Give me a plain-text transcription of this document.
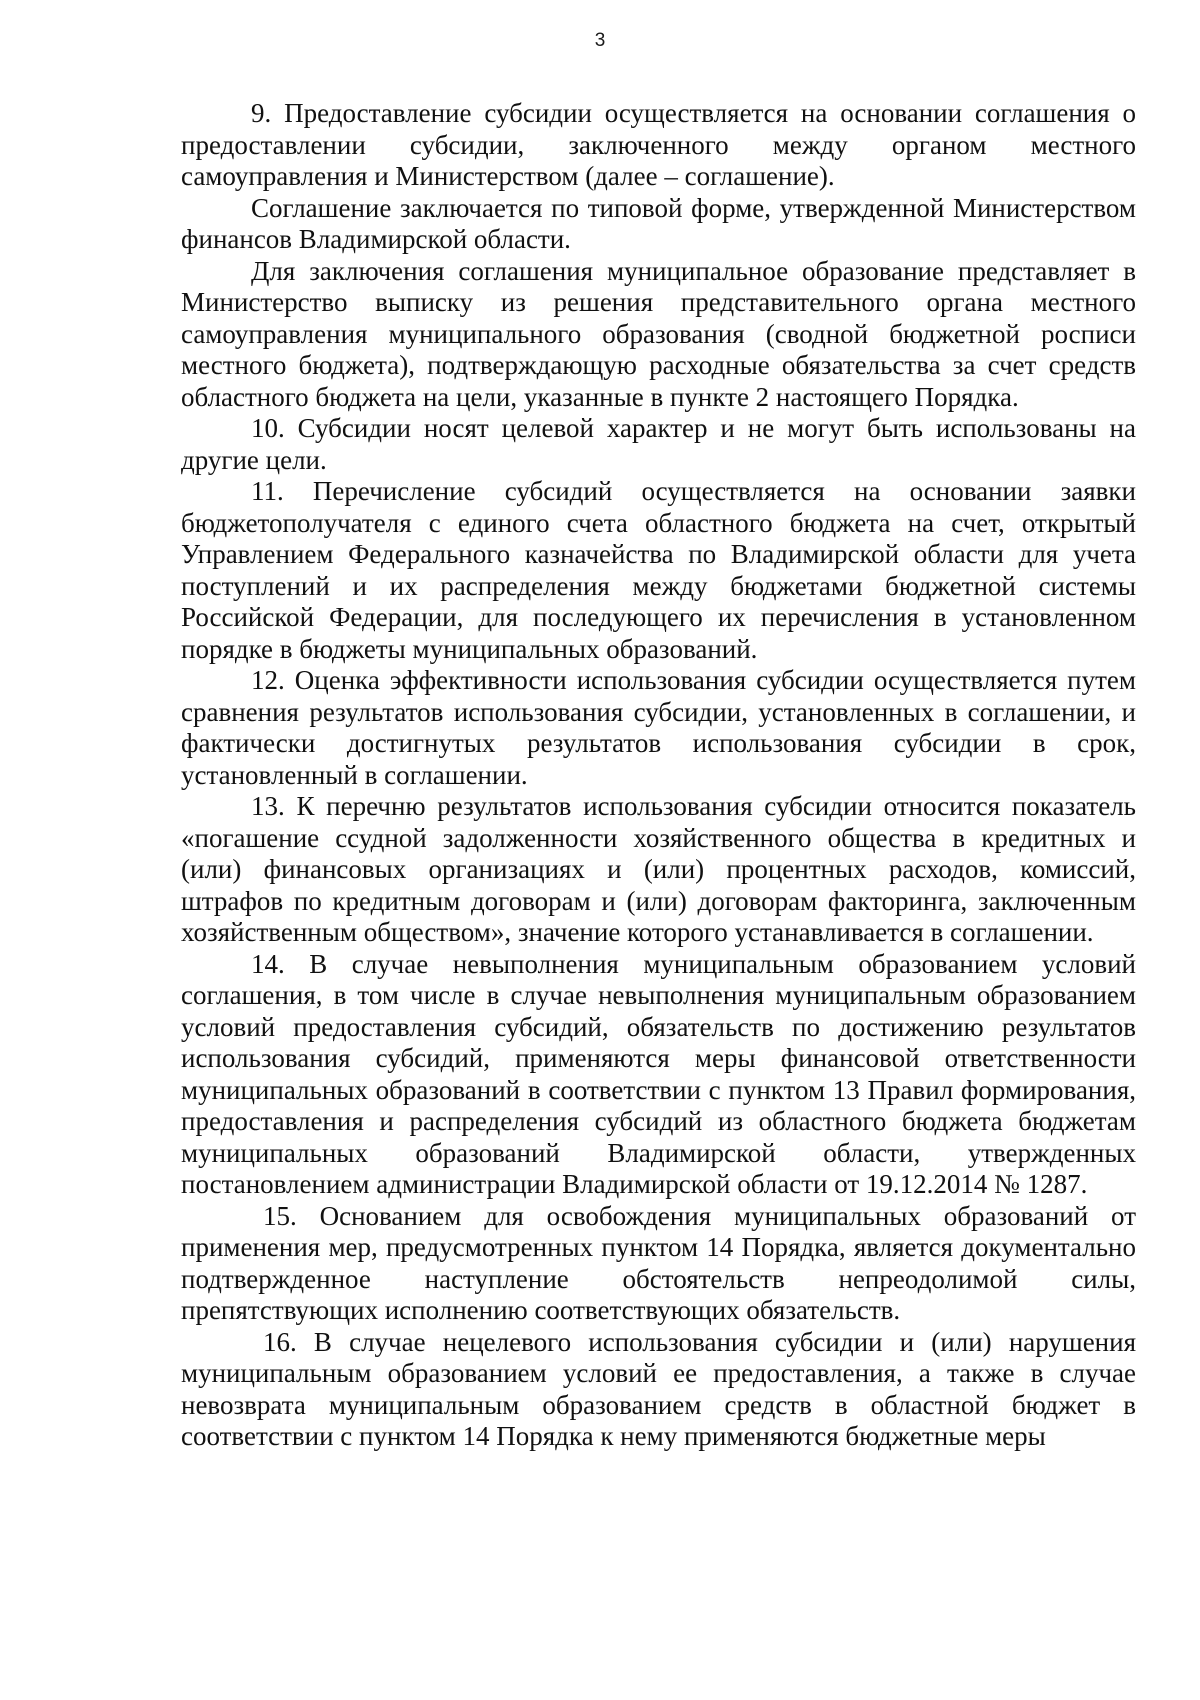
3

9. Предоставление субсидии осуществляется на основании соглашения о предоставлении субсидии, заключенного между органом местного самоуправления и Министерством (далее – соглашение).

Соглашение заключается по типовой форме, утвержденной Министерством финансов Владимирской области.

Для заключения соглашения муниципальное образование представляет в Министерство выписку из решения представительного органа местного самоуправления муниципального образования (сводной бюджетной росписи местного бюджета), подтверждающую расходные обязательства за счет средств областного бюджета на цели, указанные в пункте 2 настоящего Порядка.

10. Субсидии носят целевой характер и не могут быть использованы на другие цели.

11. Перечисление субсидий осуществляется на основании заявки бюджетополучателя с единого счета областного бюджета на счет, открытый Управлением Федерального казначейства по Владимирской области для учета поступлений и их распределения между бюджетами бюджетной системы Российской Федерации, для последующего их перечисления в установленном порядке в бюджеты муниципальных образований.

12. Оценка эффективности использования субсидии осуществляется путем сравнения результатов использования субсидии, установленных в соглашении, и фактически достигнутых результатов использования субсидии в срок, установленный в соглашении.

13. К перечню результатов использования субсидии относится показатель «погашение ссудной задолженности хозяйственного общества в кредитных и (или) финансовых организациях и (или) процентных расходов, комиссий, штрафов по кредитным договорам и (или) договорам факторинга, заключенным хозяйственным обществом», значение которого устанавливается в соглашении.

14. В случае невыполнения муниципальным образованием условий соглашения, в том числе в случае невыполнения муниципальным образованием условий предоставления субсидий, обязательств по достижению результатов использования субсидий, применяются меры финансовой ответственности муниципальных образований в соответствии с пунктом 13 Правил формирования, предоставления и распределения субсидий из областного бюджета бюджетам муниципальных образований Владимирской области, утвержденных постановлением администрации Владимирской области от 19.12.2014 № 1287.

15. Основанием для освобождения муниципальных образований от применения мер, предусмотренных пунктом 14 Порядка, является документально подтвержденное наступление обстоятельств непреодолимой силы, препятствующих исполнению соответствующих обязательств.

16. В случае нецелевого использования субсидии и (или) нарушения муниципальным образованием условий ее предоставления, а также в случае невозврата муниципальным образованием средств в областной бюджет в соответствии с пунктом 14 Порядка к нему применяются бюджетные меры
